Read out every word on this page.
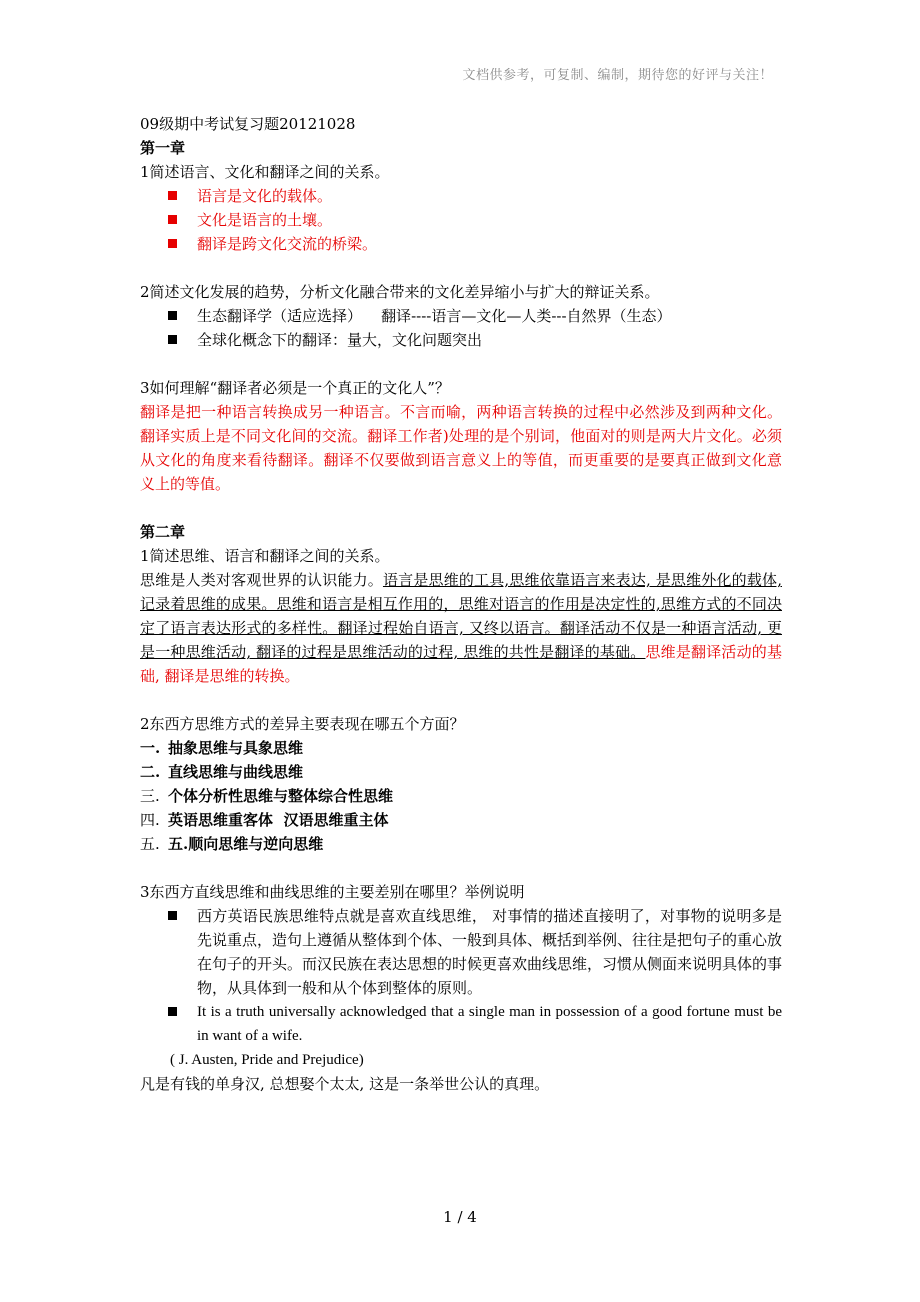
文档供参考，可复制、编制，期待您的好评与关注！
09级期中考试复习题20121028
第一章
1简述语言、文化和翻译之间的关系。
语言是文化的载体。
文化是语言的土壤。
翻译是跨文化交流的桥梁。
2简述文化发展的趋势，分析文化融合带来的文化差异缩小与扩大的辩证关系。
生态翻译学（适应选择）    翻译----语言—文化—人类---自然界（生态）
全球化概念下的翻译：量大，文化问题突出
3如何理解“翻译者必须是一个真正的文化人”？
翻译是把一种语言转换成另一种语言。不言而喻，两种语言转换的过程中必然涉及到两种文化。翻译实质上是不同文化间的交流。翻译工作者)处理的是个别词，他面对的则是两大片文化。必须从文化的角度来看待翻译。翻译不仅要做到语言意义上的等值，而更重要的是要真正做到文化意义上的等值。
第二章
1简述思维、语言和翻译之间的关系。
思维是人类对客观世界的认识能力。语言是思维的工具,思维依靠语言来表达, 是思维外化的载体, 记录着思维的成果。思维和语言是相互作用的，思维对语言的作用是决定性的,思维方式的不同决定了语言表达形式的多样性。翻译过程始自语言, 又终以语言。翻译活动不仅是一种语言活动, 更是一种思维活动, 翻译的过程是思维活动的过程, 思维的共性是翻译的基础。思维是翻译活动的基础, 翻译是思维的转换。
2东西方思维方式的差异主要表现在哪五个方面？
一. 抽象思维与具象思维
二. 直线思维与曲线思维
三. 个体分析性思维与整体综合性思维
四. 英语思维重客体  汉语思维重主体
五. 五.顺向思维与逆向思维
3东西方直线思维和曲线思维的主要差别在哪里？举例说明
西方英语民族思维特点就是喜欢直线思维， 对事情的描述直接明了，对事物的说明多是先说重点，造句上遵循从整体到个体、一般到具体、概括到举例、往往是把句子的重心放在句子的开头。而汉民族在表达思想的时候更喜欢曲线思维，习惯从侧面来说明具体的事物，从具体到一般和从个体到整体的原则。
It is a truth universally acknowledged that a single man in possession of a good fortune must be in want of a wife.
( J. Austen, Pride and Prejudice)
凡是有钱的单身汉, 总想娶个太太, 这是一条举世公认的真理。
1 / 4
